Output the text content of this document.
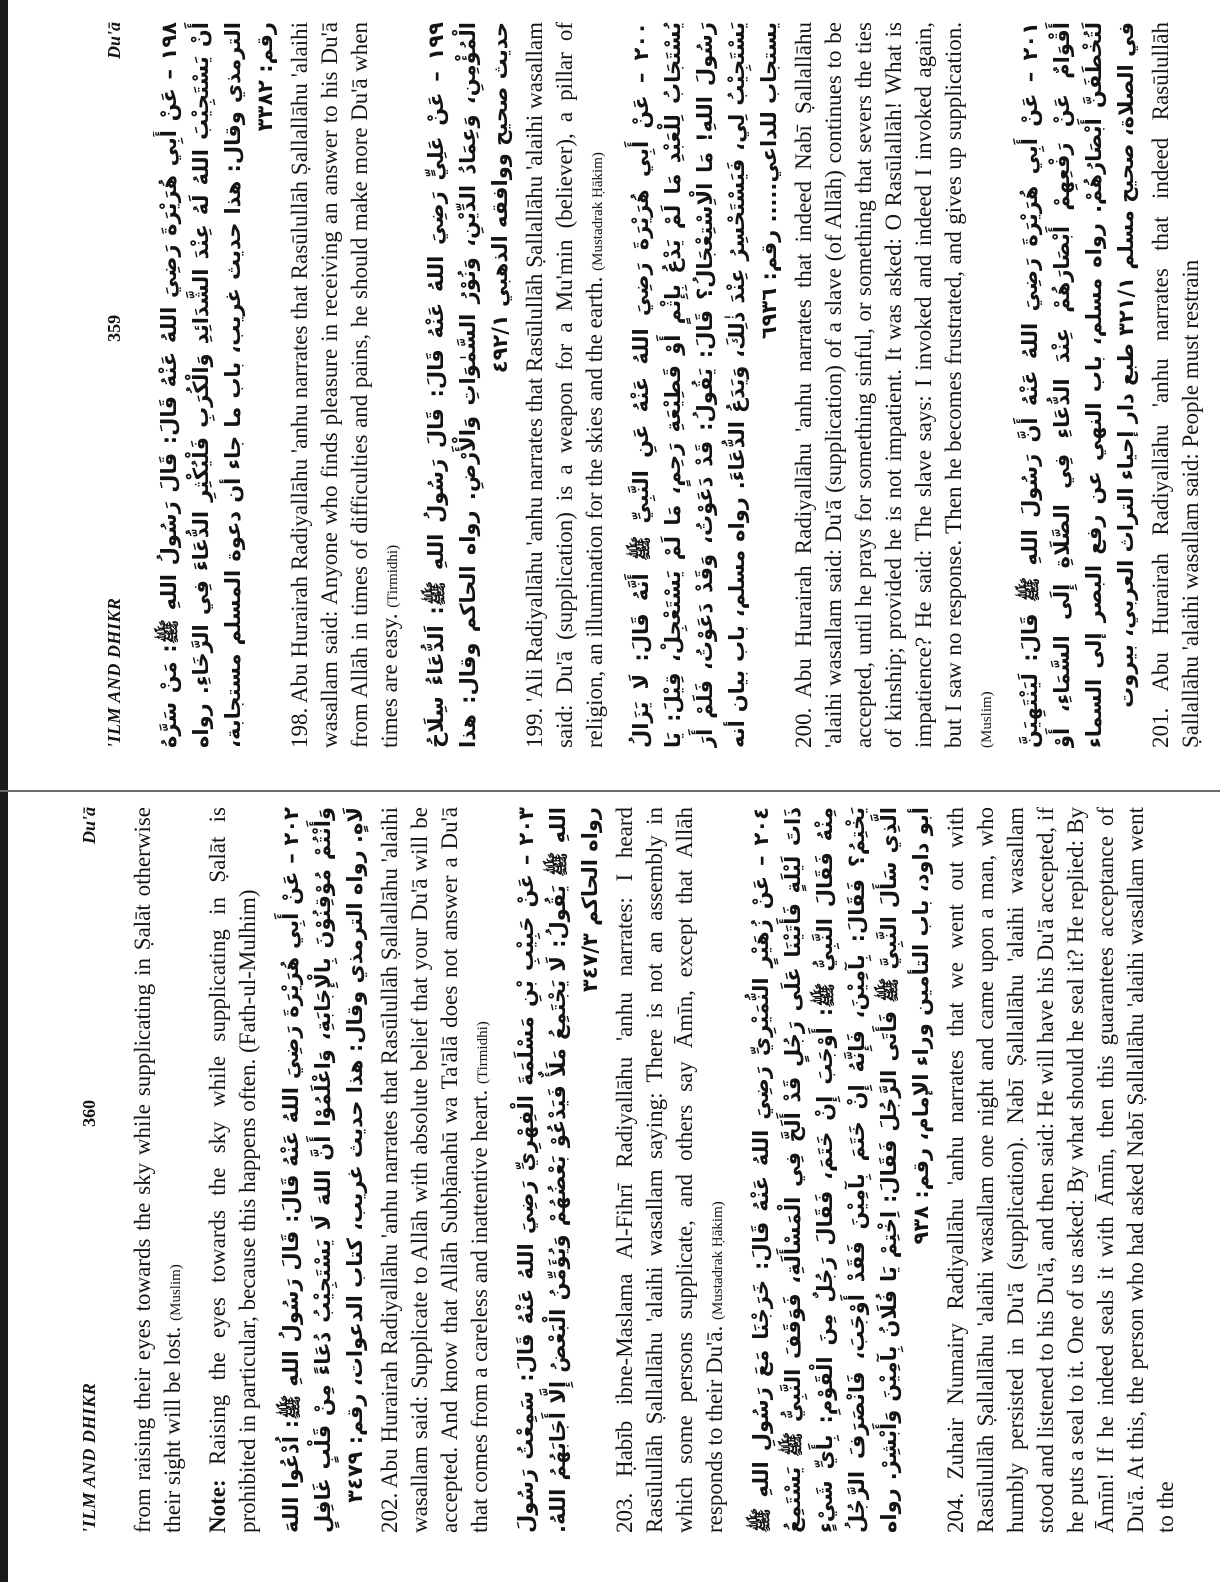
'ILM AND DHIKR
359
Du'ā

١٩٨ – عَنْ أَبِي هُرَيْرَةَ رَضِيَ اللهُ عَنْهُ قَالَ: قَالَ رَسُولُ اللهِ ﷺ: مَنْ سَرَّهُ أَنْ يَسْتَجِيْبَ اللهُ لَهُ عِنْدَ الشَّدَائِدِ وَالْكُرَبِ فَلْيُكْثِرِ الدُّعَاءَ فِي الرَّخَاءِ. رواه الترمذي وقال: هذا حديث غريب، باب ما جاء أن دعوة المسلم مستجابة، رقم: ٣٣٨٢ 198. Abu Hurairah Radiyallāhu 'anhu narrates that Rasūlullāh Ṣallallāhu 'alaihi wasallam said: Anyone who finds pleasure in receiving an answer to his Du'ā from Allāh in times of difficulties and pains, he should make more Du'ā when times are easy. (Tirmidhi)	١٩٩ – عَنْ عَلِيٍّ رَضِيَ اللهُ عَنْهُ قَالَ: قَالَ رَسُولُ اللهِ ﷺ: اَلدُّعَاءُ سِلَاحُ الْمُؤْمِنِ، وَعِمَادُ الدِّيْنِ، وَنُوْرُ السَّمٰوَاتِ وَالْأَرْضِ. رواه الحاكم وقال: هذا حديث صحيح ووافقه الذهبي ٤٩٢/١ 199. 'Ali Radiyallāhu 'anhu narrates that Rasūlullāh Ṣallallāhu 'alaihi wasallam said: Du'ā (supplication) is a weapon for a Mu'min (believer), a pillar of religion, an illumination for the skies and the earth. (Mustadrak Ḥākim)	٢٠٠ – عَنْ أَبِي هُرَيْرَةَ رَضِيَ اللهُ عَنْهُ عَنِ النَّبِيِّ ﷺ أَنَّهُ قَالَ: لَا يَزَالُ يُسْتَجَابُ لِلْعَبْدِ مَا لَمْ يَدْعُ بِإِثْمٍ أَوْ قَطِيْعَةِ رَحِمٍ، مَا لَمْ يَسْتَعْجِلْ، قِيْلَ: يَا رَسُولَ اللهِ! مَا الْاِسْتِعْجَالُ؟ قَالَ: يَقُولُ: قَدْ دَعَوْتُ، وَقَدْ دَعَوْتُ، فَلَمْ أَرَ يَسْتَجِيْبُ لِي، فَيَسْتَحْسِرُ عِنْدَ ذٰلِكَ، وَيَدَعُ الدُّعَاءَ. رواه مسلم، باب بيان أنه يستجاب للداعي..... رقم: ٦٩٣٦ 200. Abu Hurairah Radiyallāhu 'anhu narrates that indeed Nabī Ṣallallāhu 'alaihi wasallam said: Du'ā (supplication) of a slave (of Allāh) continues to be accepted, until he prays for something sinful, or something that severs the ties of kinship; provided he is not impatient. It was asked: O Rasūlallāh! What is impatience? He said: The slave says: I invoked and indeed I invoked again, but I saw no response. Then he becomes frustrated, and gives up supplication. (Muslim)	٢٠١ – عَنْ أَبِي هُرَيْرَةَ رَضِيَ اللهُ عَنْهُ أَنَّ رَسُولَ اللهِ ﷺ قَالَ: لَيَنْتَهِيَنَّ أَقْوَامٌ عَنْ رَفْعِهِمْ أَبْصَارَهُمْ عِنْدَ الدُّعَاءِ فِي الصَّلَاةِ إِلَى السَّمَاءِ، أَوْ لَتُخْطَفَنَّ أَبْصَارُهُمْ. رواه مسلم، باب النهي عن رفع البصر إلى السماء في الصلاة، صحيح مسلم ٣٢١/١ طبع دار إحياء التراث العربي، بيروت 201. Abu Hurairah Radiyallāhu 'anhu narrates that indeed Rasūlullāh Ṣallallāhu 'alaihi wasallam said: People must restrain

'ILM AND DHIKR
360
Du'ā from raising their eyes towards the sky while supplicating in Ṣalāt otherwise their sight will be lost. (Muslim)

Note: Raising the eyes towards the sky while supplicating in Ṣalāt is prohibited in particular, because this happens often. (Fath-ul-Mulhim) ٢٠٢ – عَنْ أَبِي هُرَيْرَةَ رَضِيَ اللهُ عَنْهُ قَالَ: قَالَ رَسُولُ اللهِ ﷺ: اُدْعُوا اللهَ وَأَنْتُمْ مُوْقِنُوْنَ بِالْإِجَابَةِ، وَاعْلَمُوْا أَنَّ اللهَ لَا يَسْتَجِيْبُ دُعَاءً مِنْ قَلْبٍ غَافِلٍ لَاهٍ. رواه الترمذي وقال: هذا حديث غريب، كتاب الدعوات، رقم: ٣٤٧٩ 202. Abu Hurairah Radiyallāhu 'anhu narrates that Rasūlullāh Ṣallallāhu 'alaihi wasallam said: Supplicate to Allāh with absolute belief that your Du'ā will be accepted. And know that Allāh Subḥānahū wa Ta'ālā does not answer a Du'ā that comes from a careless and inattentive heart. (Tirmidhi)	٢٠٣ – عَنْ حَبِيْبِ بْنِ مَسْلَمَةَ الْفِهْرِيِّ رَضِيَ اللهُ عَنْهُ قَالَ: سَمِعْتُ رَسُولَ اللهِ ﷺ يَقُولُ: لَا يَجْتَمِعُ مَلَأٌ فَيَدْعُوْ بَعْضُهُمْ وَيُؤَمِّنُ الْبَعْضُ إِلَّا أَجَابَهُمُ اللهُ. رواه الحاكم ٣٤٧/٣ 203. Ḥabīb ibne-Maslama Al-Fihrī Radiyallāhu 'anhu narrates: I heard Rasūlullāh Ṣallallāhu 'alaihi wasallam saying: There is not an assembly in which some persons supplicate, and others say Āmīn, except that Allāh responds to their Du'ā. (Mustadrak Ḥākim)	٢٠٤ – عَنْ زُهَيْرٍ النُّمَيْرِيِّ رَضِيَ اللهُ عَنْهُ قَالَ: خَرَجْنَا مَعَ رَسُولِ اللهِ ﷺ ذَاتَ لَيْلَةٍ فَأَتَيْنَا عَلَى رَجُلٍ قَدْ أَلَحَّ فِي الْمَسْأَلَةِ، فَوَقَفَ النَّبِيُّ ﷺ يَسْتَمِعُ مِنْهُ فَقَالَ النَّبِيُّ ﷺ: أَوْجَبَ إِنْ خَتَمَ، فَقَالَ رَجُلٌ مِنَ الْقَوْمِ: بِأَيِّ شَيْءٍ يَخْتِمُ؟ فَقَالَ: بِآمِيْنَ، فَإِنَّهُ إِنْ خَتَمَ بِآمِيْنَ فَقَدْ أَوْجَبَ، فَانْصَرَفَ الرَّجُلُ الَّذِي سَأَلَ النَّبِيَّ ﷺ فَأَتَى الرَّجُلَ فَقَالَ: اِخْتِمْ يَا فُلَانُ بِآمِيْنَ وَأَبْشِرْ. رواه أبو داود، باب التأمين وراء الإمام، رقم: ٩٣٨ 204. Zuhair Numairy Radiyallāhu 'anhu narrates that we went out with Rasūlullāh Ṣallallāhu 'alaihi wasallam one night and came upon a man, who humbly persisted in Du'ā (supplication). Nabī Ṣallallāhu 'alaihi wasallam stood and listened to his Du'ā, and then said: He will have his Du'ā accepted, if he puts a seal to it. One of us asked: By what should he seal it? He replied: By Āmīn! If he indeed seals it with Āmīn, then this guarantees acceptance of Du'ā. At this, the person who had asked Nabī Ṣallallāhu 'alaihi wasallam went to the
